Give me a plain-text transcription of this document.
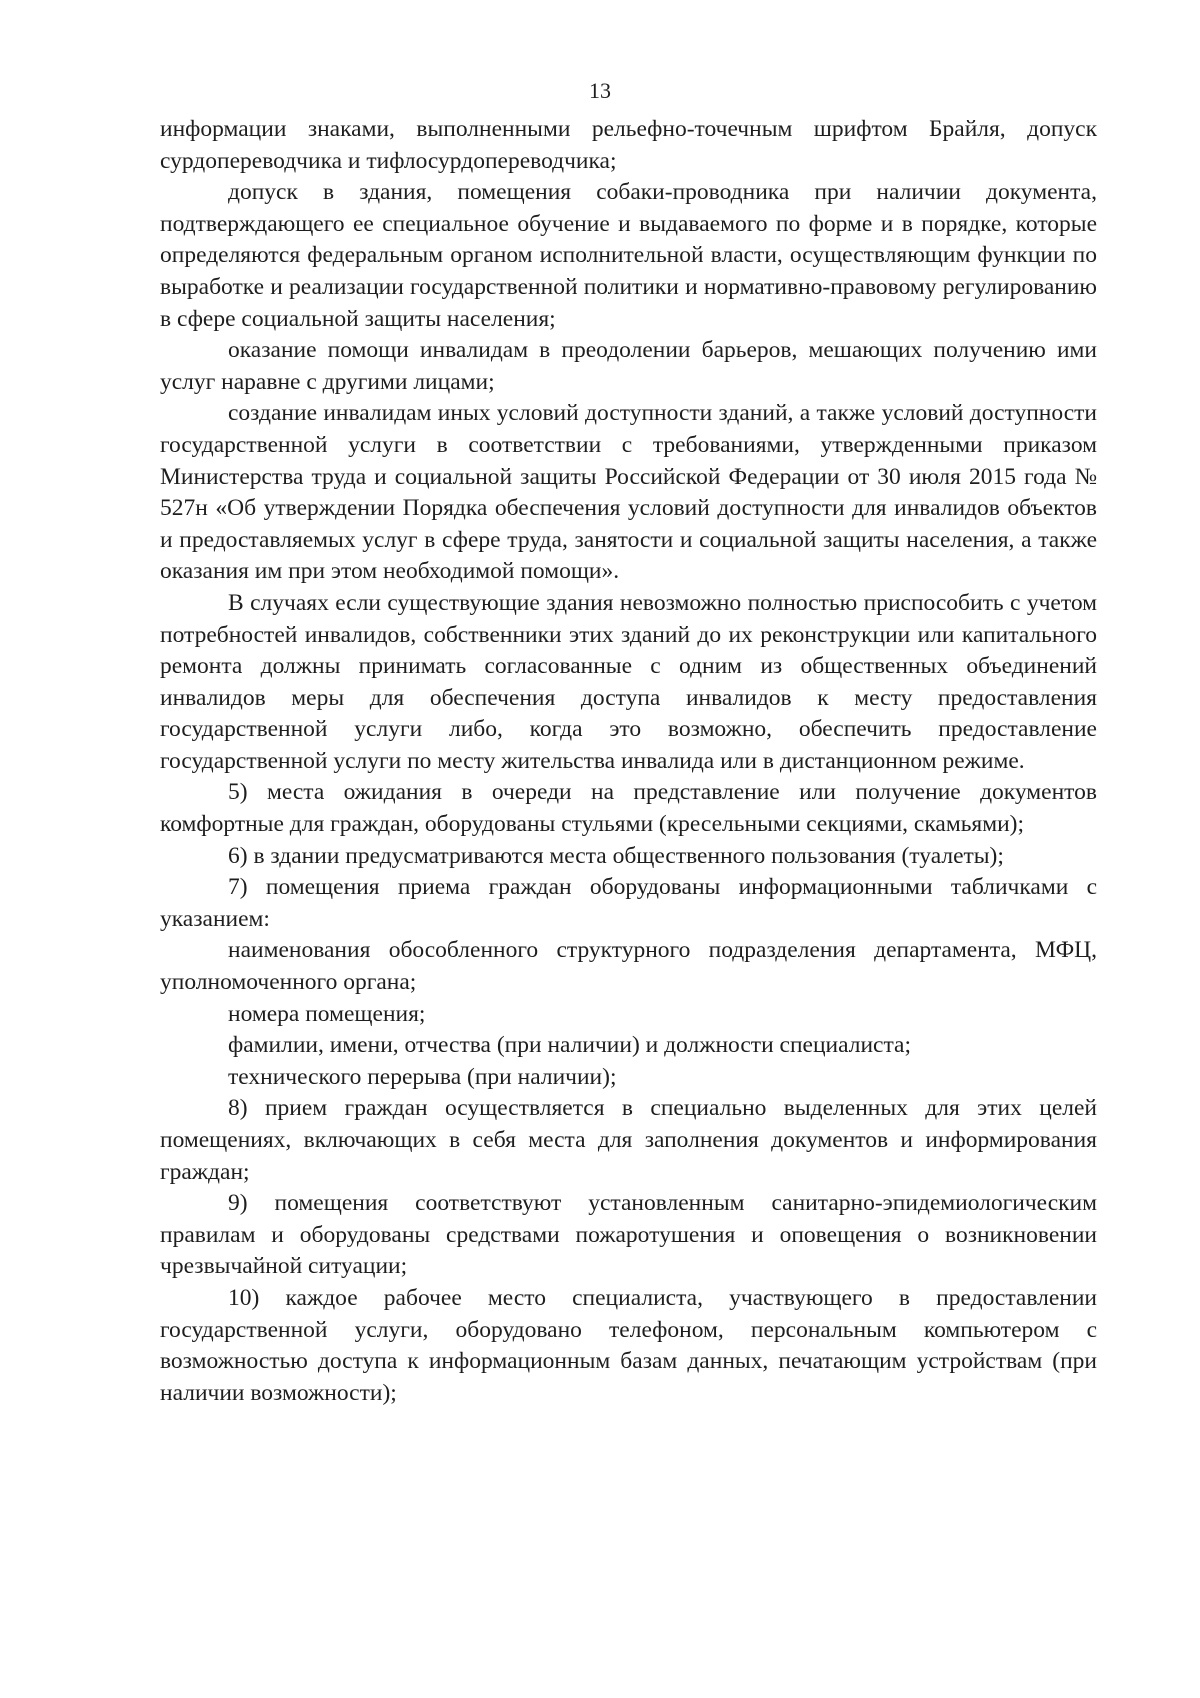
13

информации знаками, выполненными рельефно-точечным шрифтом Брайля, допуск сурдопереводчика и тифлосурдопереводчика;

допуск в здания, помещения собаки-проводника при наличии документа, подтверждающего ее специальное обучение и выдаваемого по форме и в порядке, которые определяются федеральным органом исполнительной власти, осуществляющим функции по выработке и реализации государственной политики и нормативно-правовому регулированию в сфере социальной защиты населения;

оказание помощи инвалидам в преодолении барьеров, мешающих получению ими услуг наравне с другими лицами;

создание инвалидам иных условий доступности зданий, а также условий доступности государственной услуги в соответствии с требованиями, утвержденными приказом Министерства труда и социальной защиты Российской Федерации от 30 июля 2015 года № 527н «Об утверждении Порядка обеспечения условий доступности для инвалидов объектов и предоставляемых услуг в сфере труда, занятости и социальной защиты населения, а также оказания им при этом необходимой помощи».

В случаях если существующие здания невозможно полностью приспособить с учетом потребностей инвалидов, собственники этих зданий до их реконструкции или капитального ремонта должны принимать согласованные с одним из общественных объединений инвалидов меры для обеспечения доступа инвалидов к месту предоставления государственной услуги либо, когда это возможно, обеспечить предоставление государственной услуги по месту жительства инвалида или в дистанционном режиме.

5) места ожидания в очереди на представление или получение документов комфортные для граждан, оборудованы стульями (кресельными секциями, скамьями);

6) в здании предусматриваются места общественного пользования (туалеты);

7) помещения приема граждан оборудованы информационными табличками с указанием:

наименования обособленного структурного подразделения департамента, МФЦ, уполномоченного органа;

номера помещения;

фамилии, имени, отчества (при наличии) и должности специалиста;

технического перерыва (при наличии);

8) прием граждан осуществляется в специально выделенных для этих целей помещениях, включающих в себя места для заполнения документов и информирования граждан;

9) помещения соответствуют установленным санитарно-эпидемиологическим правилам и оборудованы средствами пожаротушения и оповещения о возникновении чрезвычайной ситуации;

10) каждое рабочее место специалиста, участвующего в предоставлении государственной услуги, оборудовано телефоном, персональным компьютером с возможностью доступа к информационным базам данных, печатающим устройствам (при наличии возможности);
